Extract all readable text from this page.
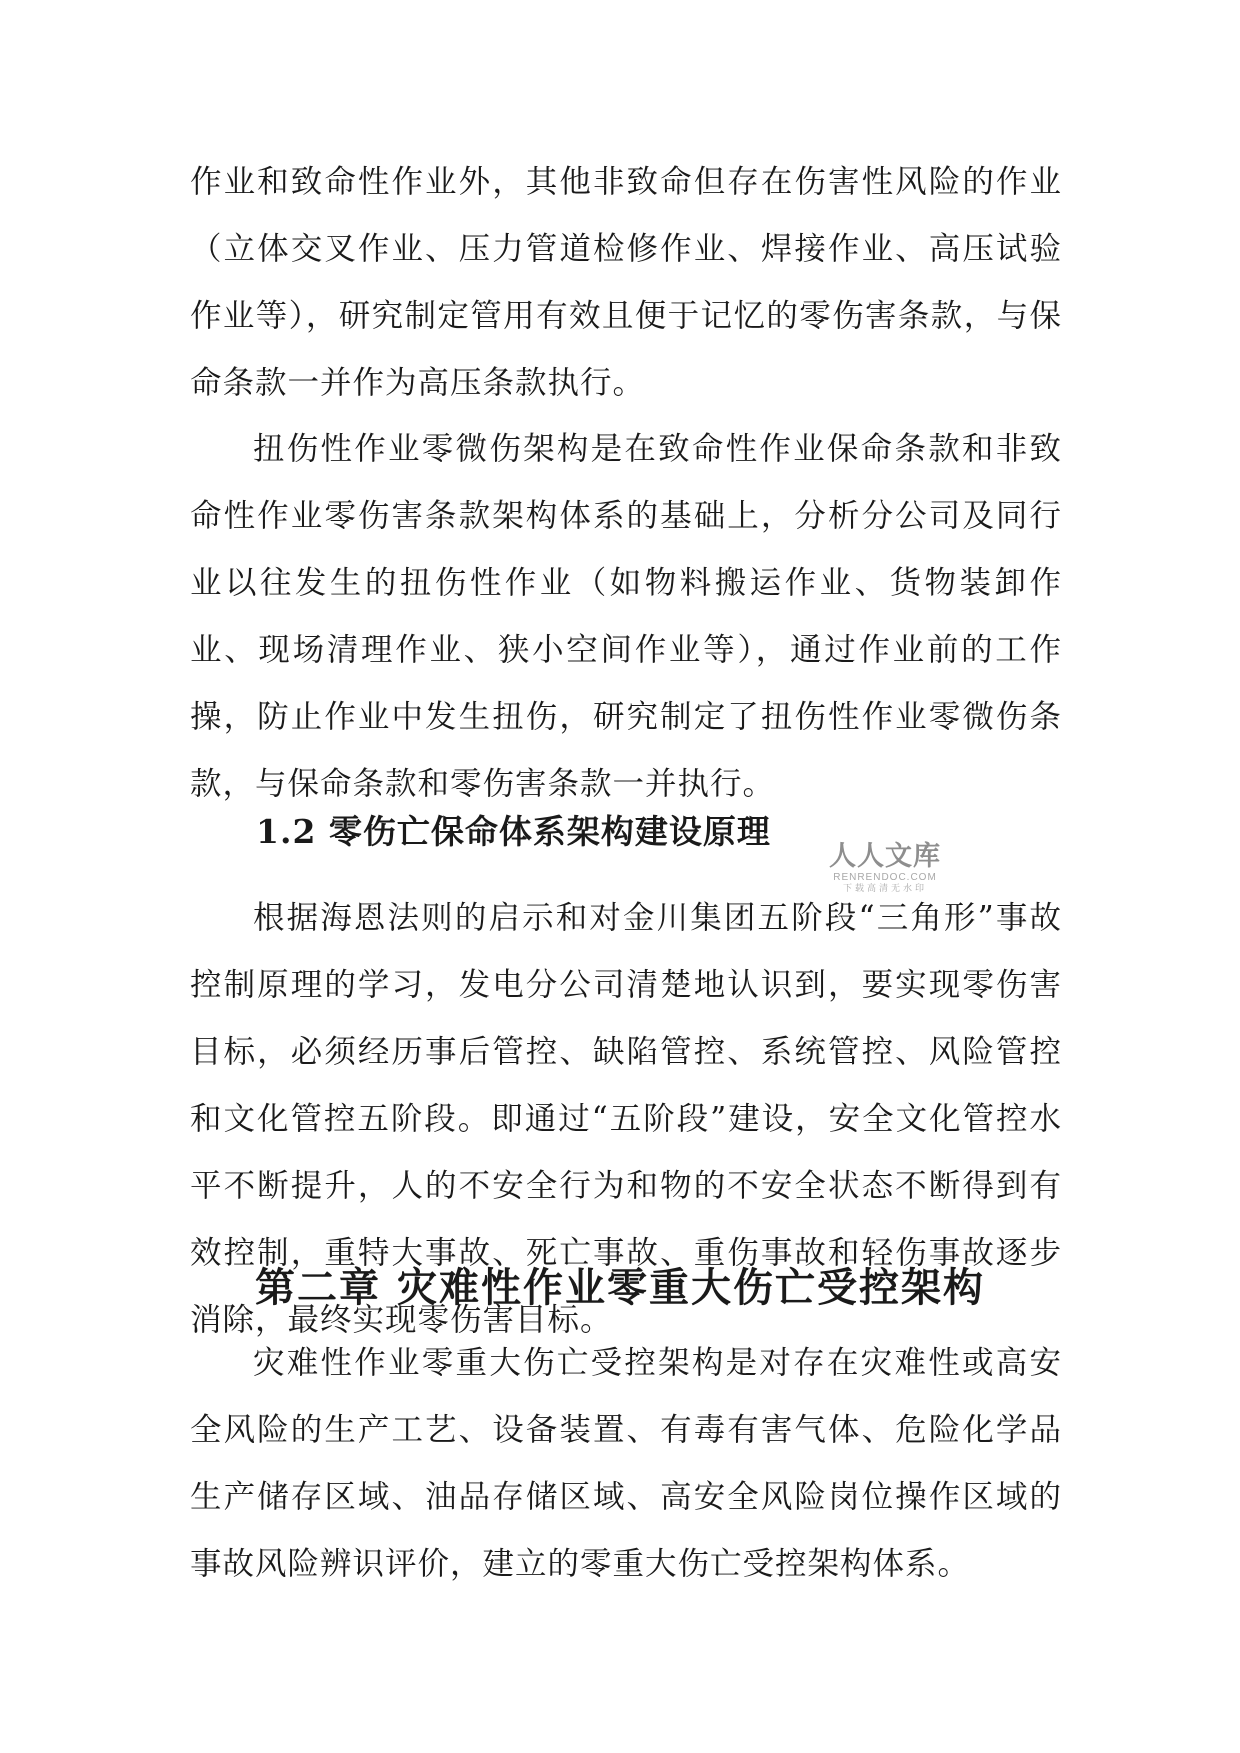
作业和致命性作业外，其他非致命但存在伤害性风险的作业（立体交叉作业、压力管道检修作业、焊接作业、高压试验作业等），研究制定管用有效且便于记忆的零伤害条款，与保命条款一并作为高压条款执行。

扭伤性作业零微伤架构是在致命性作业保命条款和非致命性作业零伤害条款架构体系的基础上，分析分公司及同行业以往发生的扭伤性作业（如物料搬运作业、货物装卸作业、现场清理作业、狭小空间作业等），通过作业前的工作操，防止作业中发生扭伤，研究制定了扭伤性作业零微伤条款，与保命条款和零伤害条款一并执行。

1.2 零伤亡保命体系架构建设原理

根据海恩法则的启示和对金川集团五阶段“三角形”事故控制原理的学习，发电分公司清楚地认识到，要实现零伤害目标，必须经历事后管控、缺陷管控、系统管控、风险管控和文化管控五阶段。即通过“五阶段”建设，安全文化管控水平不断提升，人的不安全行为和物的不安全状态不断得到有效控制，重特大事故、死亡事故、重伤事故和轻伤事故逐步消除，最终实现零伤害目标。

第二章 灾难性作业零重大伤亡受控架构

灾难性作业零重大伤亡受控架构是对存在灾难性或高安全风险的生产工艺、设备装置、有毒有害气体、危险化学品生产储存区域、油品存储区域、高安全风险岗位操作区域的事故风险辨识评价，建立的零重大伤亡受控架构体系。

人人文库
RENRENDOC.COM
下载高清无水印
